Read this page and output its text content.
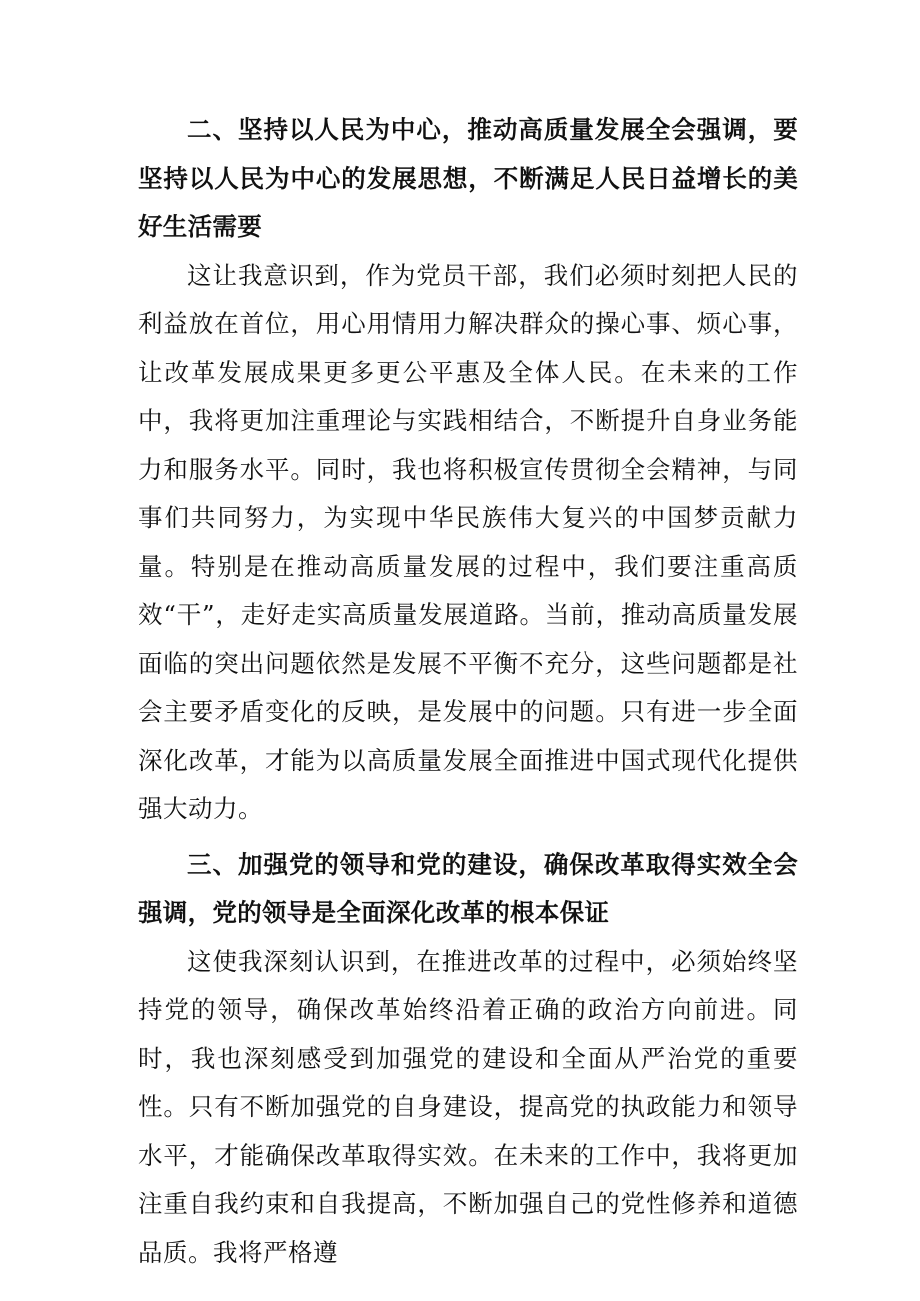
二、坚持以人民为中心，推动高质量发展全会强调，要坚持以人民为中心的发展思想，不断满足人民日益增长的美好生活需要

这让我意识到，作为党员干部，我们必须时刻把人民的利益放在首位，用心用情用力解决群众的操心事、烦心事，让改革发展成果更多更公平惠及全体人民。在未来的工作中，我将更加注重理论与实践相结合，不断提升自身业务能力和服务水平。同时，我也将积极宣传贯彻全会精神，与同事们共同努力，为实现中华民族伟大复兴的中国梦贡献力量。特别是在推动高质量发展的过程中，我们要注重高质效“干”，走好走实高质量发展道路。当前，推动高质量发展面临的突出问题依然是发展不平衡不充分，这些问题都是社会主要矛盾变化的反映，是发展中的问题。只有进一步全面深化改革，才能为以高质量发展全面推进中国式现代化提供强大动力。

三、加强党的领导和党的建设，确保改革取得实效全会强调，党的领导是全面深化改革的根本保证

这使我深刻认识到，在推进改革的过程中，必须始终坚持党的领导，确保改革始终沿着正确的政治方向前进。同时，我也深刻感受到加强党的建设和全面从严治党的重要性。只有不断加强党的自身建设，提高党的执政能力和领导水平，才能确保改革取得实效。在未来的工作中，我将更加注重自我约束和自我提高，不断加强自己的党性修养和道德品质。我将严格遵
